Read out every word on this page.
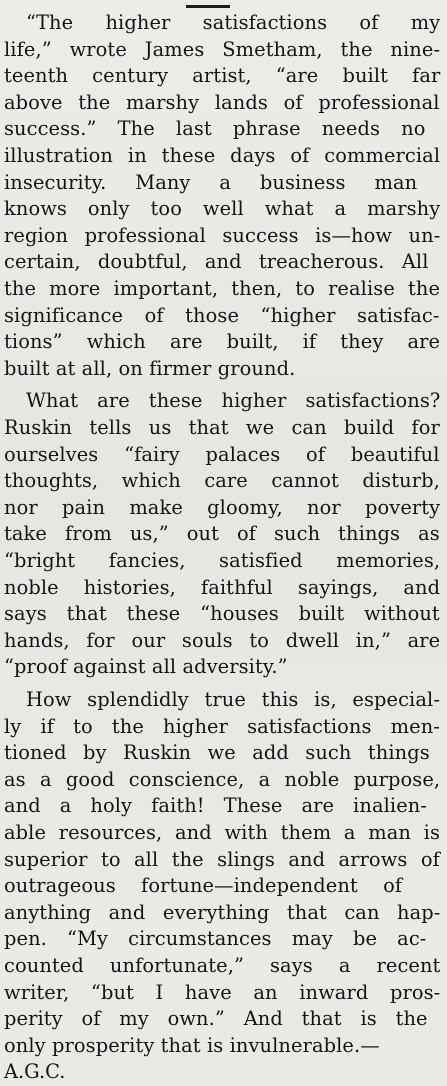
“The higher satisfactions of my
life,” wrote James Smetham, the nine-
teenth century artist, “are built far
above the marshy lands of professional
success.” The last phrase needs no
illustration in these days of commercial
insecurity. Many a business man
knows only too well what a marshy
region professional success is—how un-
certain, doubtful, and treacherous. All
the more important, then, to realise the
significance of those “higher satisfac-
tions” which are built, if they are
built at all, on firmer ground.
What are these higher satisfactions?
Ruskin tells us that we can build for
ourselves “fairy palaces of beautiful
thoughts, which care cannot disturb,
nor pain make gloomy, nor poverty
take from us,” out of such things as
“bright fancies, satisfied memories,
noble histories, faithful sayings, and
says that these “houses built without
hands, for our souls to dwell in,” are
“proof against all adversity.”
How splendidly true this is, especial-
ly if to the higher satisfactions men-
tioned by Ruskin we add such things
as a good conscience, a noble purpose,
and a holy faith! These are inalien-
able resources, and with them a man is
superior to all the slings and arrows of
outrageous fortune—independent of
anything and everything that can hap-
pen. “My circumstances may be ac-
counted unfortunate,” says a recent
writer, “but I have an inward pros-
perity of my own.” And that is the
only prosperity that is invulnerable.—
A.G.C.
